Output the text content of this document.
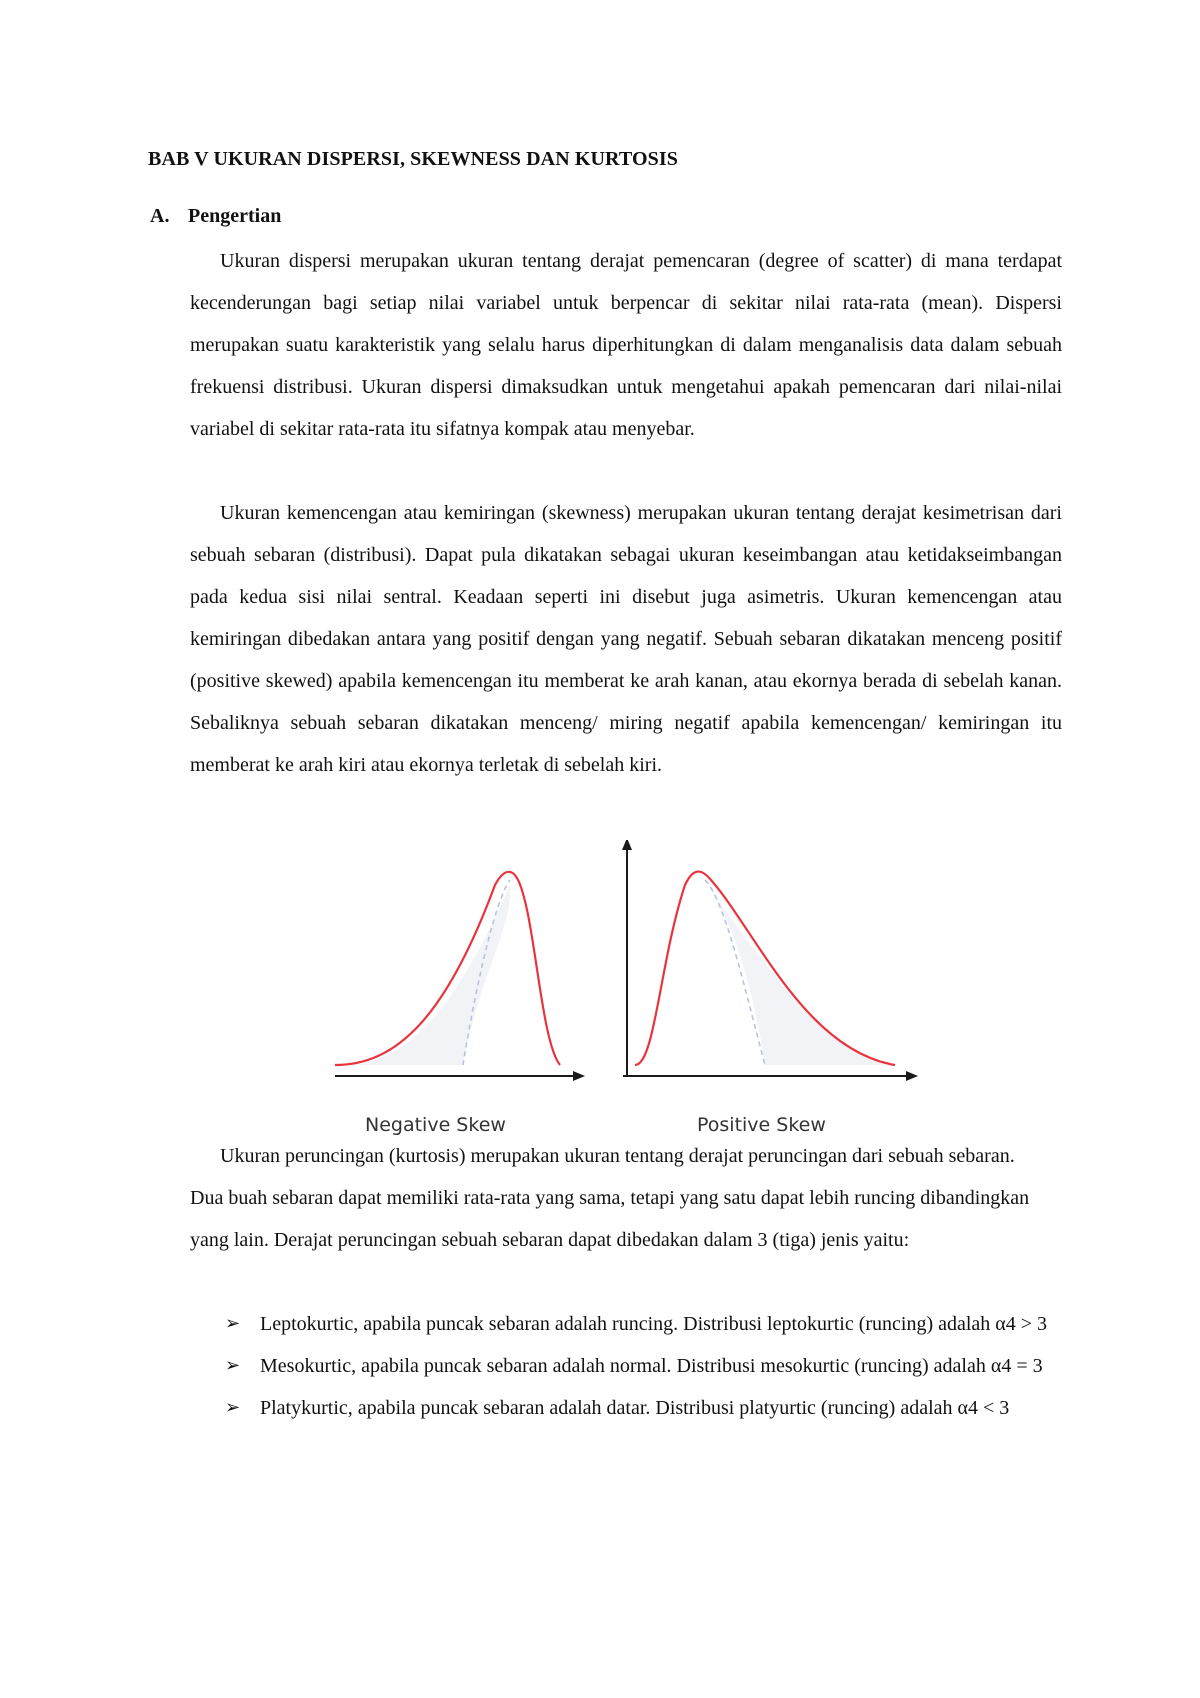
BAB V UKURAN DISPERSI, SKEWNESS DAN KURTOSIS
A. Pengertian

Ukuran dispersi merupakan ukuran tentang derajat pemencaran (degree of scatter) di mana terdapat kecenderungan bagi setiap nilai variabel untuk berpencar di sekitar nilai rata-rata (mean). Dispersi merupakan suatu karakteristik yang selalu harus diperhitungkan di dalam menganalisis data dalam sebuah frekuensi distribusi. Ukuran dispersi dimaksudkan untuk mengetahui apakah pemencaran dari nilai-nilai variabel di sekitar rata-rata itu sifatnya kompak atau menyebar.

Ukuran kemencengan atau kemiringan (skewness) merupakan ukuran tentang derajat kesimetrisan dari sebuah sebaran (distribusi). Dapat pula dikatakan sebagai ukuran keseimbangan atau ketidakseimbangan pada kedua sisi nilai sentral. Keadaan seperti ini disebut juga asimetris. Ukuran kemencengan atau kemiringan dibedakan antara yang positif dengan yang negatif. Sebuah sebaran dikatakan menceng positif (positive skewed) apabila kemencengan itu memberat ke arah kanan, atau ekornya berada di sebelah kanan. Sebaliknya sebuah sebaran dikatakan menceng/ miring negatif apabila kemencengan/ kemiringan itu memberat ke arah kiri atau ekornya terletak di sebelah kiri.

Negative Skew	Positive Skew

Ukuran peruncingan (kurtosis) merupakan ukuran tentang derajat peruncingan dari sebuah sebaran. Dua buah sebaran dapat memiliki rata-rata yang sama, tetapi yang satu dapat lebih runcing dibandingkan yang lain. Derajat peruncingan sebuah sebaran dapat dibedakan dalam 3 (tiga) jenis yaitu:

➢ Leptokurtic, apabila puncak sebaran adalah runcing. Distribusi leptokurtic (runcing) adalah α4 > 3
➢ Mesokurtic, apabila puncak sebaran adalah normal. Distribusi mesokurtic (runcing) adalah α4 = 3
➢ Platykurtic, apabila puncak sebaran adalah datar. Distribusi platyurtic (runcing) adalah α4 < 3
